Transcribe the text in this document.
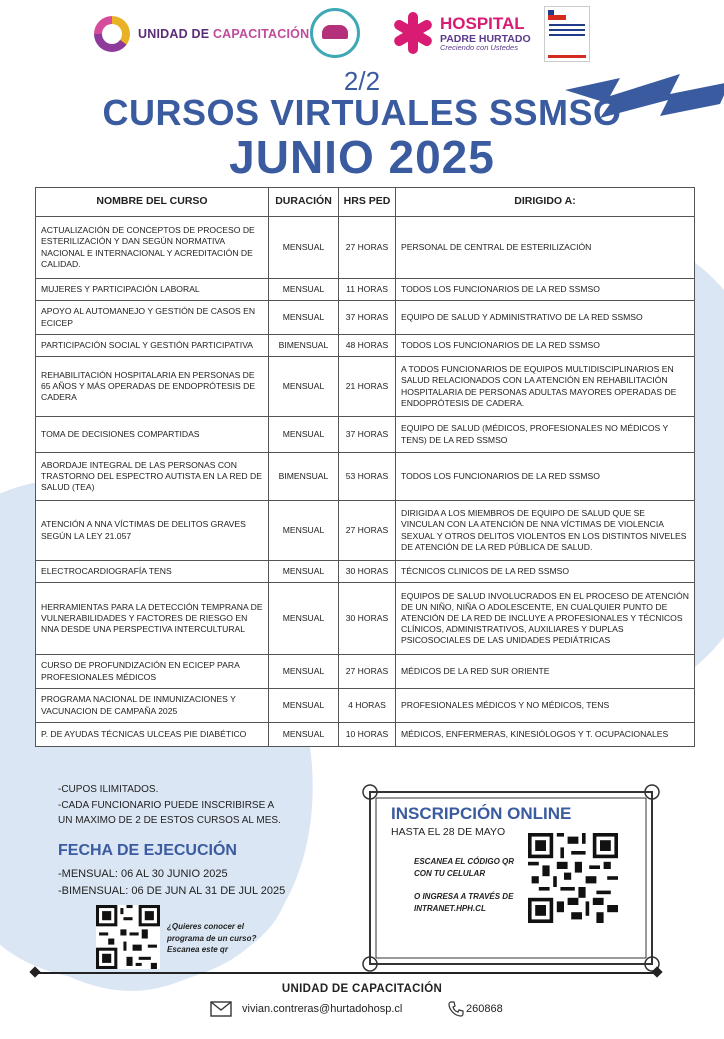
UNIDAD DE CAPACITACIÓN
HOSPITAL
PADRE HURTADO
Creciendo con Ustedes
2/2
CURSOS VIRTUALES SSMSO
JUNIO 2025
NOMBRE DEL CURSO	DURACIÓN	HRS PED	DIRIGIDO A:
ACTUALIZACIÓN DE CONCEPTOS DE PROCESO DE ESTERILIZACIÓN Y DAN SEGÚN NORMATIVA NACIONAL E INTERNACIONAL Y ACREDITACIÓN DE CALIDAD.	MENSUAL	27 HORAS	PERSONAL DE CENTRAL DE ESTERILIZACIÓN
MUJERES Y PARTICIPACIÓN LABORAL	MENSUAL	11 HORAS	TODOS LOS FUNCIONARIOS DE LA RED SSMSO
APOYO AL AUTOMANEJO Y GESTIÓN DE CASOS EN ECICEP	MENSUAL	37 HORAS	EQUIPO DE SALUD Y ADMINISTRATIVO DE LA RED SSMSO
PARTICIPACIÓN SOCIAL Y GESTIÓN PARTICIPATIVA	BIMENSUAL	48 HORAS	TODOS LOS FUNCIONARIOS DE LA RED SSMSO
REHABILITACIÓN HOSPITALARIA EN PERSONAS DE 65 AÑOS Y MÁS OPERADAS DE ENDOPRÓTESIS DE CADERA	MENSUAL	21 HORAS	A TODOS FUNCIONARIOS DE EQUIPOS MULTIDISCIPLINARIOS EN SALUD RELACIONADOS CON LA ATENCIÓN EN REHABILITACIÓN HOSPITALARIA DE PERSONAS ADULTAS MAYORES OPERADAS DE ENDOPRÓTESIS DE CADERA.
TOMA DE DECISIONES COMPARTIDAS	MENSUAL	37 HORAS	EQUIPO DE SALUD (MÉDICOS, PROFESIONALES NO MÉDICOS Y TENS) DE LA RED SSMSO
ABORDAJE INTEGRAL DE LAS PERSONAS CON TRASTORNO DEL ESPECTRO AUTISTA EN LA RED DE SALUD (TEA)	BIMENSUAL	53 HORAS	TODOS LOS FUNCIONARIOS DE LA RED SSMSO
ATENCIÓN A NNA VÍCTIMAS DE DELITOS GRAVES SEGÚN LA LEY 21.057	MENSUAL	27 HORAS	DIRIGIDA A LOS MIEMBROS DE EQUIPO DE SALUD QUE SE VINCULAN CON LA ATENCIÓN DE NNA VÍCTIMAS DE VIOLENCIA SEXUAL Y OTROS DELITOS VIOLENTOS EN LOS DISTINTOS NIVELES DE ATENCIÓN DE LA RED PÚBLICA DE SALUD.
ELECTROCARDIOGRAFÍA TENS	MENSUAL	30 HORAS	TÉCNICOS CLINICOS DE LA RED SSMSO
HERRAMIENTAS PARA LA DETECCIÓN TEMPRANA DE VULNERABILIDADES Y FACTORES DE RIESGO EN NNA DESDE UNA PERSPECTIVA INTERCULTURAL	MENSUAL	30 HORAS	EQUIPOS DE SALUD INVOLUCRADOS EN EL PROCESO DE ATENCIÓN DE UN NIÑO, NIÑA O ADOLESCENTE, EN CUALQUIER PUNTO DE ATENCIÓN DE LA RED DE INCLUYE A PROFESIONALES Y TÉCNICOS CLÍNICOS, ADMINISTRATIVOS, AUXILIARES Y DUPLAS PSICOSOCIALES DE LAS UNIDADES PEDIÁTRICAS
CURSO DE PROFUNDIZACIÓN EN ECICEP PARA PROFESIONALES MÉDICOS	MENSUAL	27 HORAS	MÉDICOS DE LA RED SUR ORIENTE
PROGRAMA NACIONAL DE INMUNIZACIONES Y VACUNACION DE CAMPAÑA 2025	MENSUAL	4 HORAS	PROFESIONALES MÉDICOS Y NO MÉDICOS, TENS
P. DE AYUDAS TÉCNICAS ULCEAS PIE DIABÉTICO	MENSUAL	10 HORAS	MÉDICOS, ENFERMERAS, KINESIÓLOGOS Y T. OCUPACIONALES
-CUPOS ILIMITADOS.
-CADA FUNCIONARIO PUEDE INSCRIBIRSE A
UN MAXIMO DE 2 DE ESTOS CURSOS AL MES.
FECHA DE EJECUCIÓN
-MENSUAL: 06 AL 30 JUNIO 2025
-BIMENSUAL: 06 DE JUN AL 31 DE JUL 2025
¿Quieres conocer el
programa de un curso?
Escanea este qr
INSCRIPCIÓN ONLINE
HASTA EL 28 DE MAYO
ESCANEA EL CÓDIGO QR
CON TU CELULAR
O INGRESA A TRAVÉS DE
INTRANET.HPH.CL
UNIDAD DE CAPACITACIÓN
vivian.contreras@hurtadohosp.cl	260868
